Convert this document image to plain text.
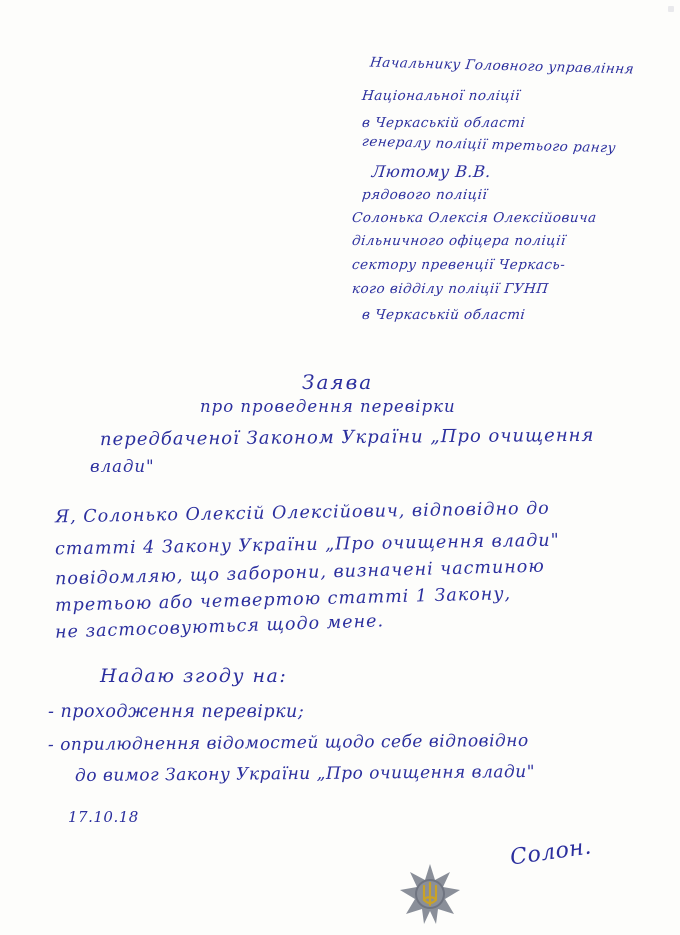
Начальнику Головного управління
Національної поліції
в Черкаській області
генералу поліції третього рангу
Лютому В.В.
рядового поліції
Солонька Олексія Олексійовича
дільничного офіцера поліції
сектору превенції Черкась-
кого відділу поліції ГУНП
в Черкаській області
Заява
про проведення перевірки
передбаченої Законом України „Про очищення
влади"
Я, Солонько Олексій Олексійович, відповідно до
статті 4 Закону України „Про очищення влади"
повідомляю, що заборони, визначені частиною
третьою або четвертою статті 1 Закону,
не застосовуються щодо мене.
Надаю згоду на:
- проходження перевірки;
- оприлюднення відомостей щодо себе відповідно
до вимог Закону України „Про очищення влади"
17.10.18
Солон.
